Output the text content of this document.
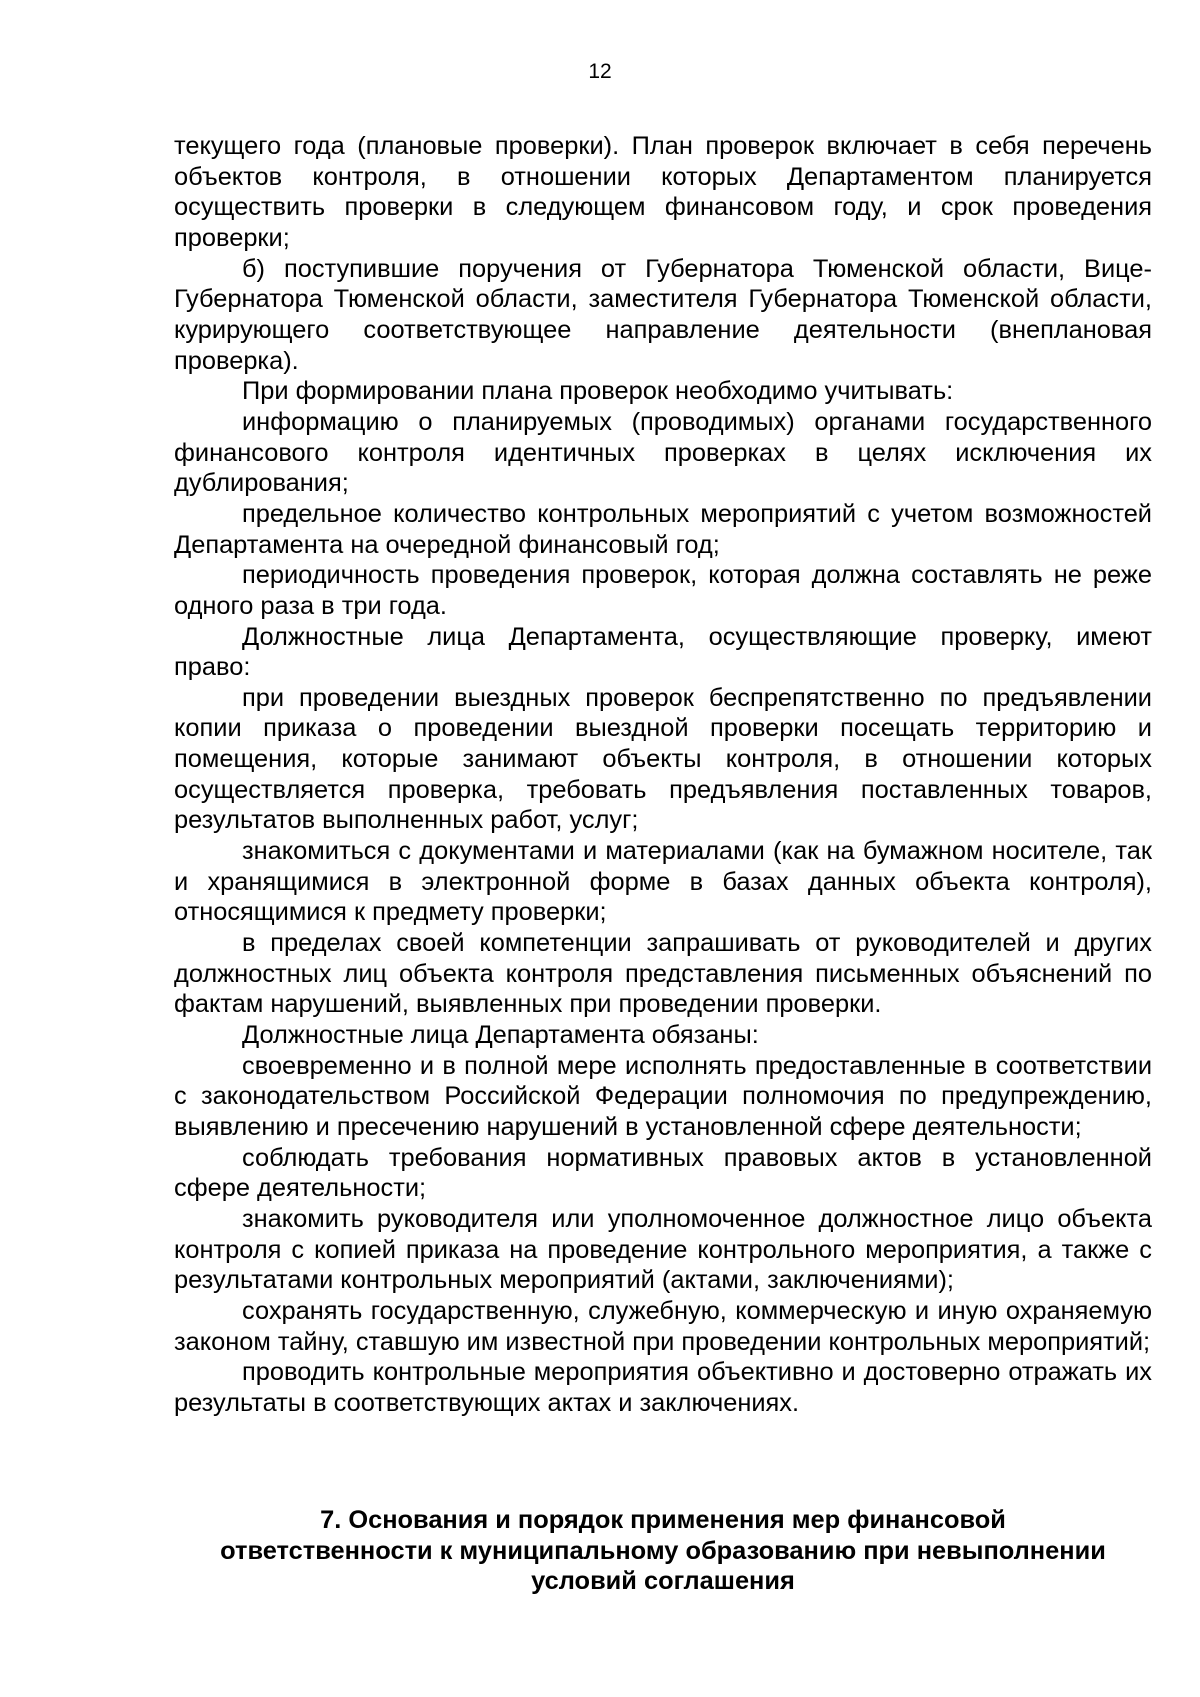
12

текущего года (плановые проверки). План проверок включает в себя перечень объектов контроля, в отношении которых Департаментом планируется осуществить проверки в следующем финансовом году, и срок проведения проверки;

б) поступившие поручения от Губернатора Тюменской области, Вице-Губернатора Тюменской области, заместителя Губернатора Тюменской области, курирующего соответствующее направление деятельности (внеплановая проверка).

При формировании плана проверок необходимо учитывать:

информацию о планируемых (проводимых) органами государственного финансового контроля идентичных проверках в целях исключения их дублирования;

предельное количество контрольных мероприятий с учетом возможностей Департамента на очередной финансовый год;

периодичность проведения проверок, которая должна составлять не реже одного раза в три года.

Должностные лица Департамента, осуществляющие проверку, имеют право:

при проведении выездных проверок беспрепятственно по предъявлении копии приказа о проведении выездной проверки посещать территорию и помещения, которые занимают объекты контроля, в отношении которых осуществляется проверка, требовать предъявления поставленных товаров, результатов выполненных работ, услуг;

знакомиться с документами и материалами (как на бумажном носителе, так и хранящимися в электронной форме в базах данных объекта контроля), относящимися к предмету проверки;

в пределах своей компетенции запрашивать от руководителей и других должностных лиц объекта контроля представления письменных объяснений по фактам нарушений, выявленных при проведении проверки.

Должностные лица Департамента обязаны:

своевременно и в полной мере исполнять предоставленные в соответствии с законодательством Российской Федерации полномочия по предупреждению, выявлению и пресечению нарушений в установленной сфере деятельности;

соблюдать требования нормативных правовых актов в установленной сфере деятельности;

знакомить руководителя или уполномоченное должностное лицо объекта контроля с копией приказа на проведение контрольного мероприятия, а также с результатами контрольных мероприятий (актами, заключениями);

сохранять государственную, служебную, коммерческую и иную охраняемую законом тайну, ставшую им известной при проведении контрольных мероприятий;

проводить контрольные мероприятия объективно и достоверно отражать их результаты в соответствующих актах и заключениях.

7. Основания и порядок применения мер финансовой
ответственности к муниципальному образованию при невыполнении
условий соглашения
